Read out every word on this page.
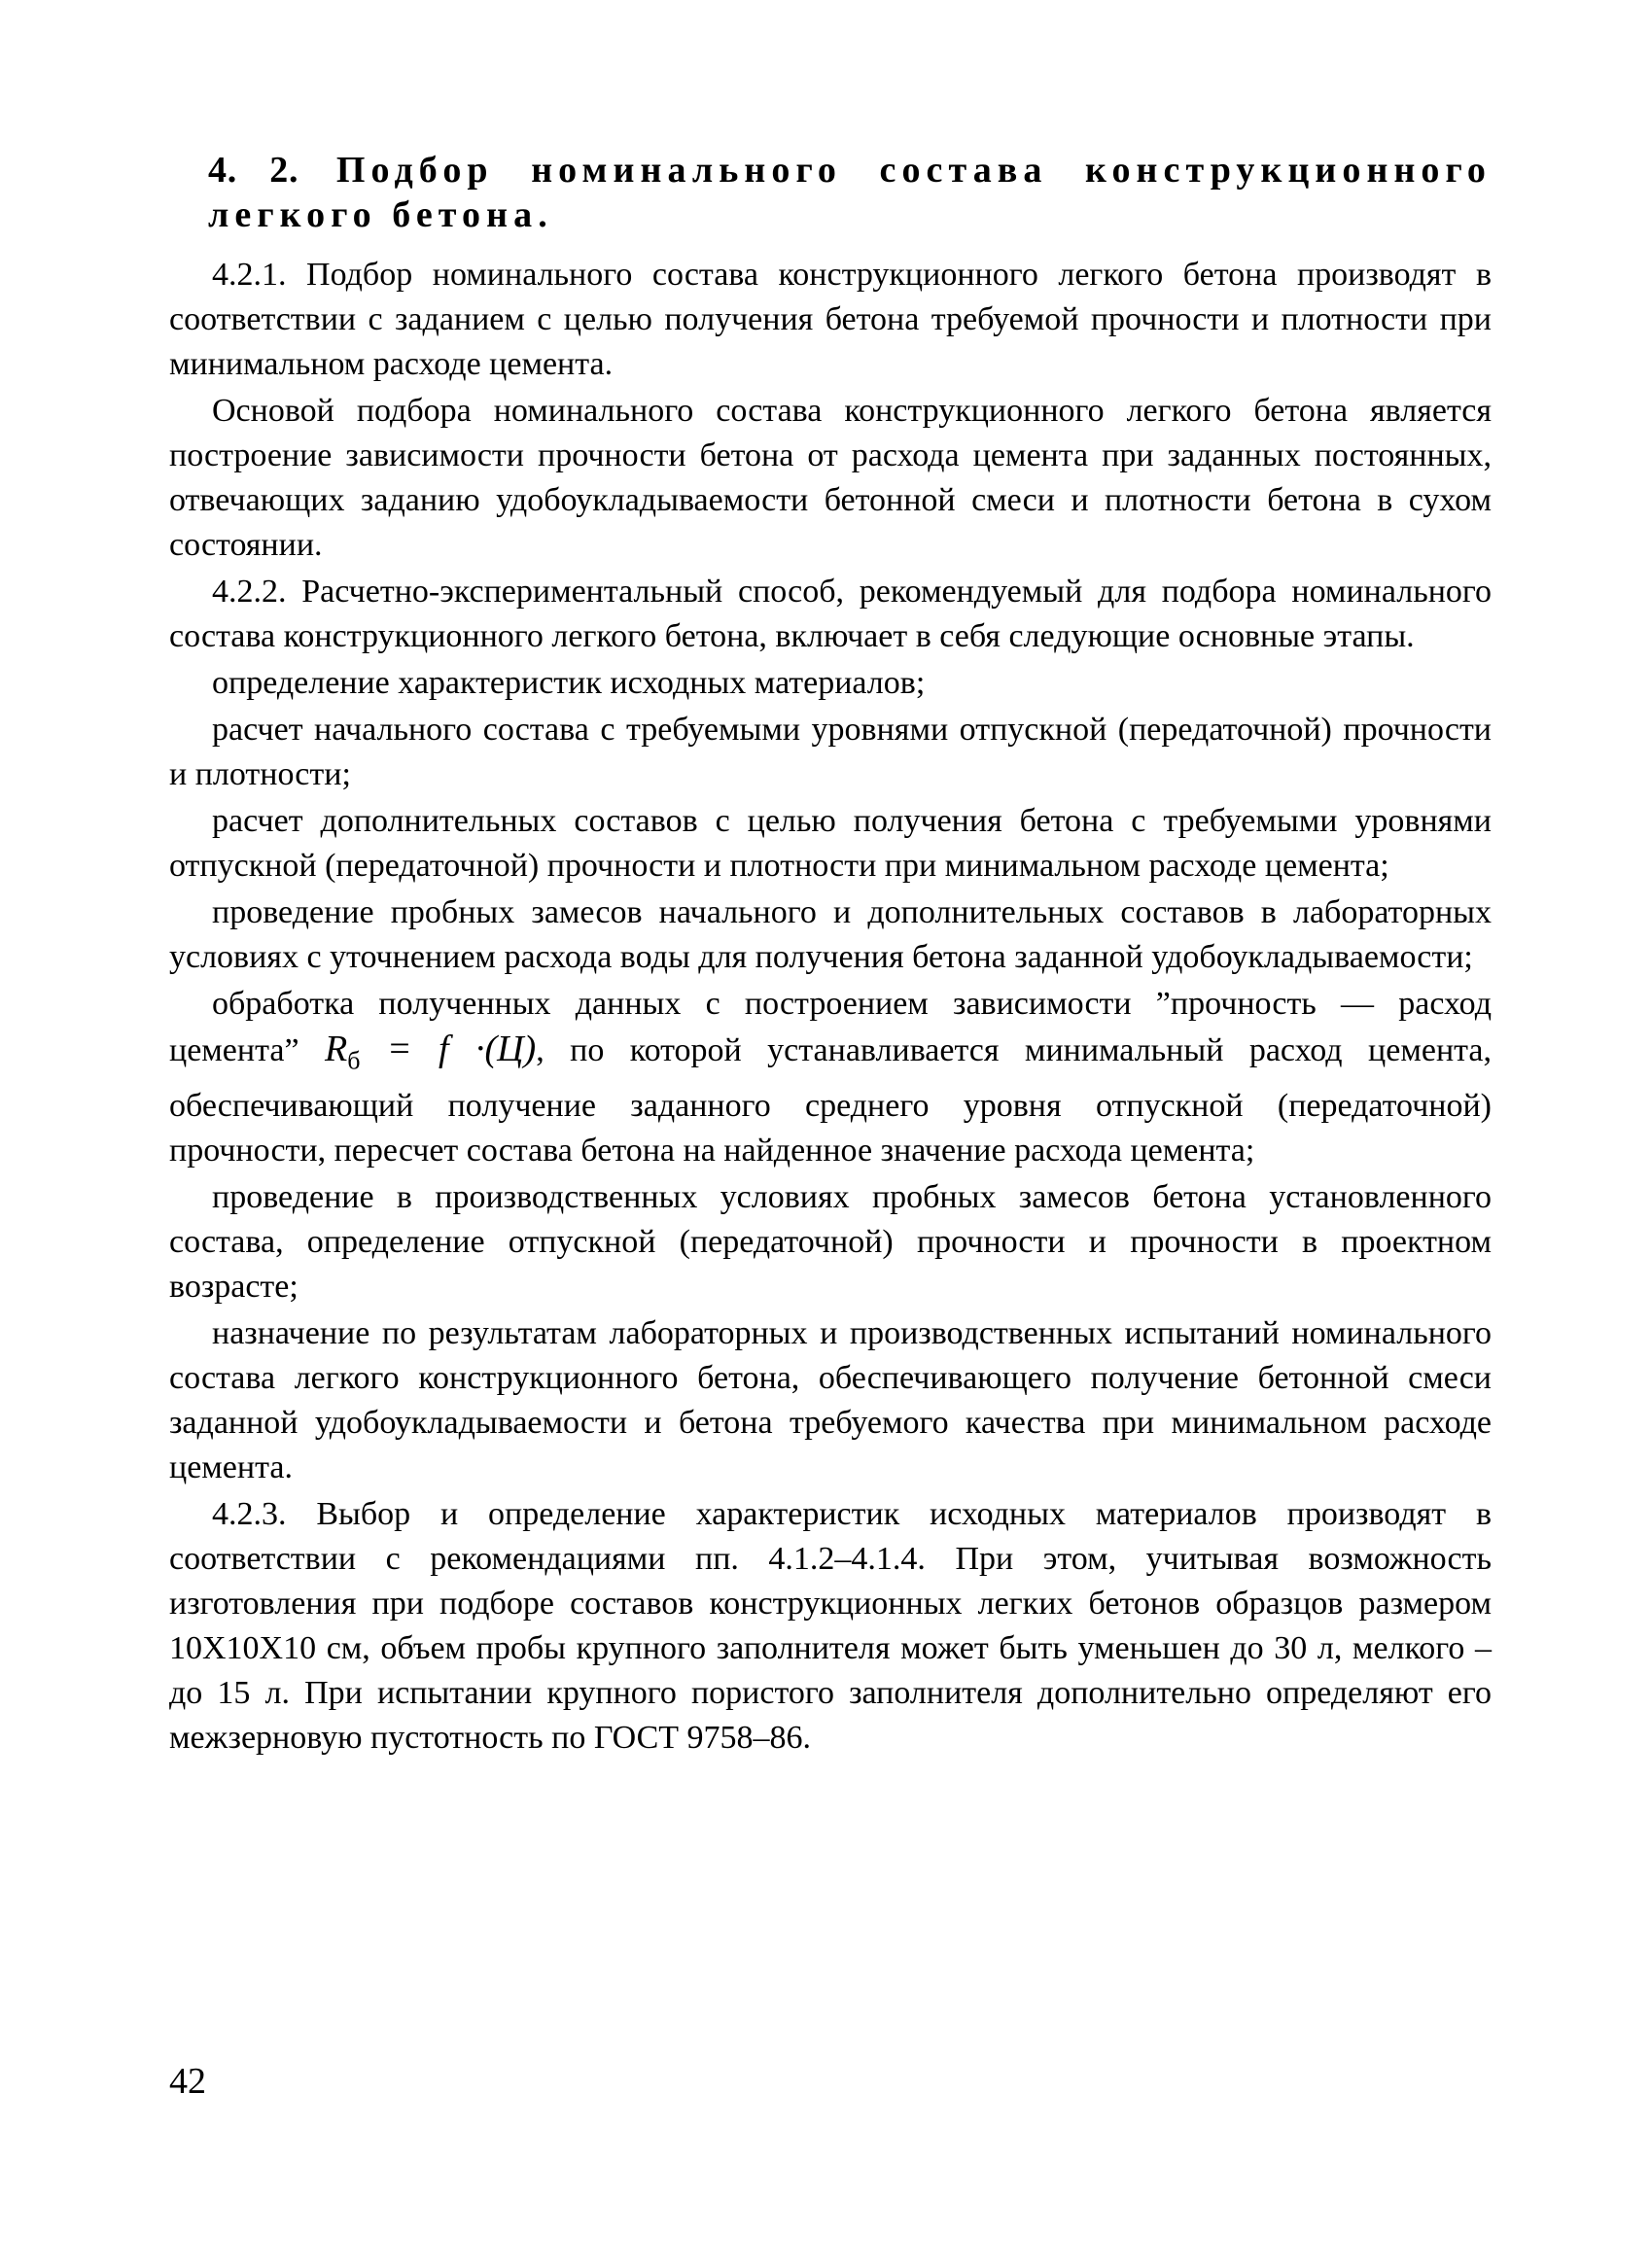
4. 2. Подбор номинального состава конструкционного легкого бетона.

4.2.1. Подбор номинального состава конструкционного легкого бетона производят в соответствии с заданием с целью получения бетона требуемой прочности и плотности при минимальном расходе цемента.

Основой подбора номинального состава конструкционного легкого бетона является построение зависимости прочности бетона от расхода цемента при заданных постоянных, отвечающих заданию удобоукладываемости бетонной смеси и плотности бетона в сухом состоянии.

4.2.2. Расчетно-экспериментальный способ, рекомендуемый для подбора номинального состава конструкционного легкого бетона, включает в себя следующие основные этапы.

определение характеристик исходных материалов;

расчет начального состава с требуемыми уровнями отпускной (передаточной) прочности и плотности;

расчет дополнительных составов с целью получения бетона с требуемыми уровнями отпускной (передаточной) прочности и плотности при минимальном расходе цемента;

проведение пробных замесов начального и дополнительных составов в лабораторных условиях с уточнением расхода воды для получения бетона заданной удобоукладываемости;

обработка полученных данных с построением зависимости ”прочность — расход цемента” $R_б = f \cdot(Ц)$, по которой устанавливается минимальный расход цемента, обеспечивающий получение заданного среднего уровня отпускной (передаточной) прочности, пересчет состава бетона на найденное значение расхода цемента;

проведение в производственных условиях пробных замесов бетона установленного состава, определение отпускной (передаточной) прочности и прочности в проектном возрасте;

назначение по результатам лабораторных и производственных испытаний номинального состава легкого конструкционного бетона, обеспечивающего получение бетонной смеси заданной удобоукладываемости и бетона требуемого качества при минимальном расходе цемента.

4.2.3. Выбор и определение характеристик исходных материалов производят в соответствии с рекомендациями пп. 4.1.2–4.1.4. При этом, учитывая возможность изготовления при подборе составов конструкционных легких бетонов образцов размером 10Х10Х10 см, объем пробы крупного заполнителя может быть уменьшен до 30 л, мелкого – до 15 л. При испытании крупного пористого заполнителя дополнительно определяют его межзерновую пустотность по ГОСТ 9758–86.

42
